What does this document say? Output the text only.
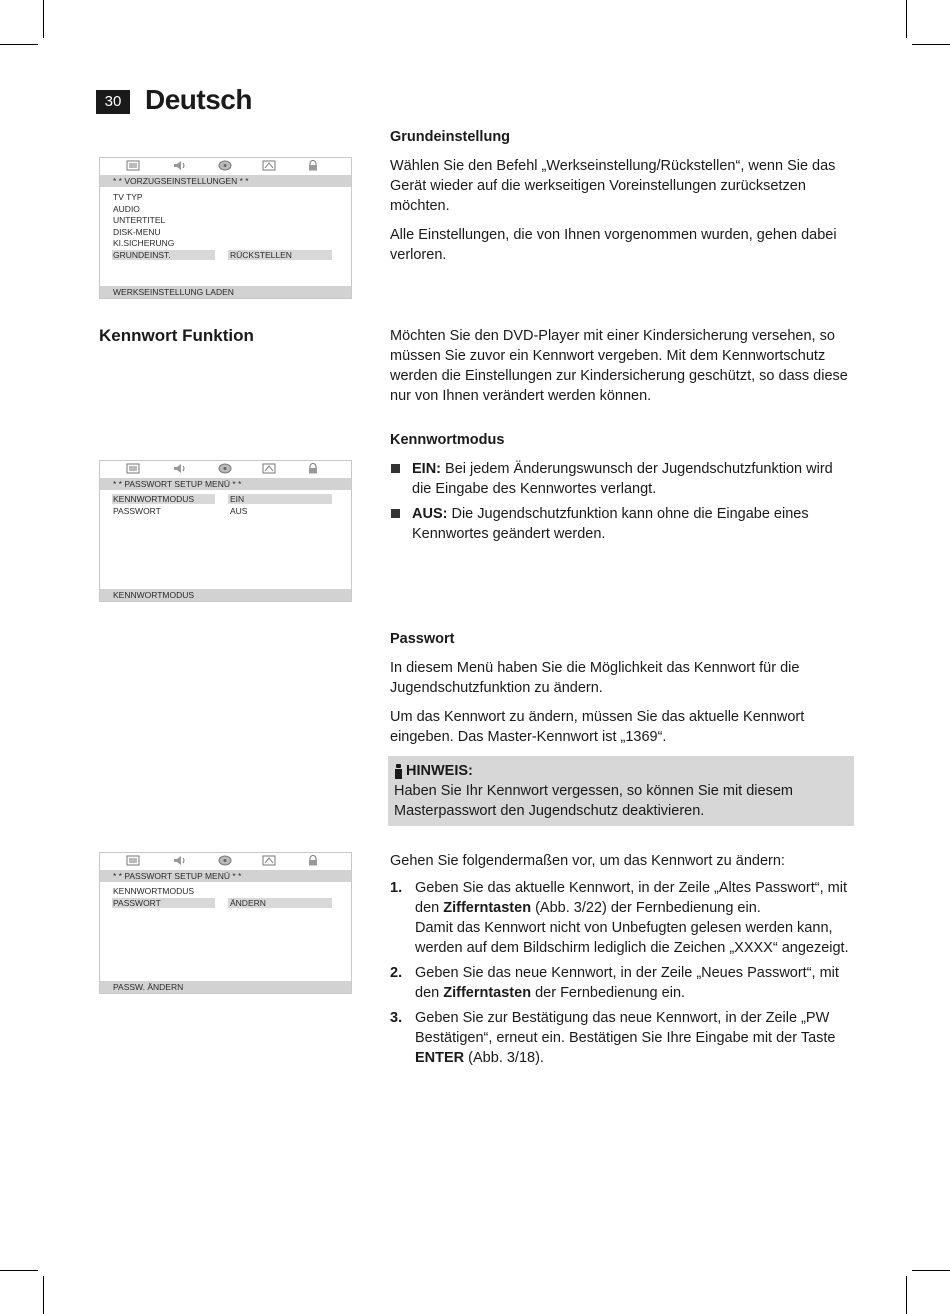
30 Deutsch
* * VORZUGSEINSTELLUNGEN * *
TV TYP
AUDIO
UNTERTITEL
DISK-MENU
KI.SICHERUNG
GRUNDEINST.	RÜCKSTELLEN
WERKSEINSTELLUNG LADEN
* * PASSWORT SETUP MENÜ * *
KENNWORTMODUS
PASSWORT
EIN
AUS
KENNWORTMODUS
* * PASSWORT SETUP MENÜ * *
KENNWORTMODUS
PASSWORT	ÄNDERN
PASSW. ÄNDERN
Kennwort Funktion
Grundeinstellung

Wählen Sie den Befehl „Werkseinstellung/Rückstellen“, wenn Sie das Gerät wieder auf die werkseitigen Voreinstellungen zurücksetzen möchten.

Alle Einstellungen, die von Ihnen vorgenommen wurden, gehen dabei verloren.

Möchten Sie den DVD-Player mit einer Kindersicherung versehen, so müssen Sie zuvor ein Kennwort vergeben. Mit dem Kennwortschutz werden die Einstellungen zur Kindersicherung geschützt, so dass diese nur von Ihnen verändert werden können.

Kennwortmodus
EIN: Bei jedem Änderungswunsch der Jugendschutzfunktion wird die Eingabe des Kennwortes verlangt.
AUS: Die Jugendschutzfunktion kann ohne die Eingabe eines Kennwortes geändert werden.
Passwort

In diesem Menü haben Sie die Möglichkeit das Kennwort für die Jugendschutzfunktion zu ändern.

Um das Kennwort zu ändern, müssen Sie das aktuelle Kennwort eingeben. Das Master-Kennwort ist „1369“.

HINWEIS:
Haben Sie Ihr Kennwort vergessen, so können Sie mit diesem Masterpasswort den Jugendschutz deaktivieren.

Gehen Sie folgendermaßen vor, um das Kennwort zu ändern:

1. Geben Sie das aktuelle Kennwort, in der Zeile „Altes Passwort“, mit den Zifferntasten (Abb. 3/22) der Fernbedienung ein.
Damit das Kennwort nicht von Unbefugten gelesen werden kann, werden auf dem Bildschirm lediglich die Zeichen „XXXX“ angezeigt.
2. Geben Sie das neue Kennwort, in der Zeile „Neues Passwort“, mit den Zifferntasten der Fernbedienung ein.
3. Geben Sie zur Bestätigung das neue Kennwort, in der Zeile „PW Bestätigen“, erneut ein. Bestätigen Sie Ihre Eingabe mit der Taste ENTER (Abb. 3/18).
